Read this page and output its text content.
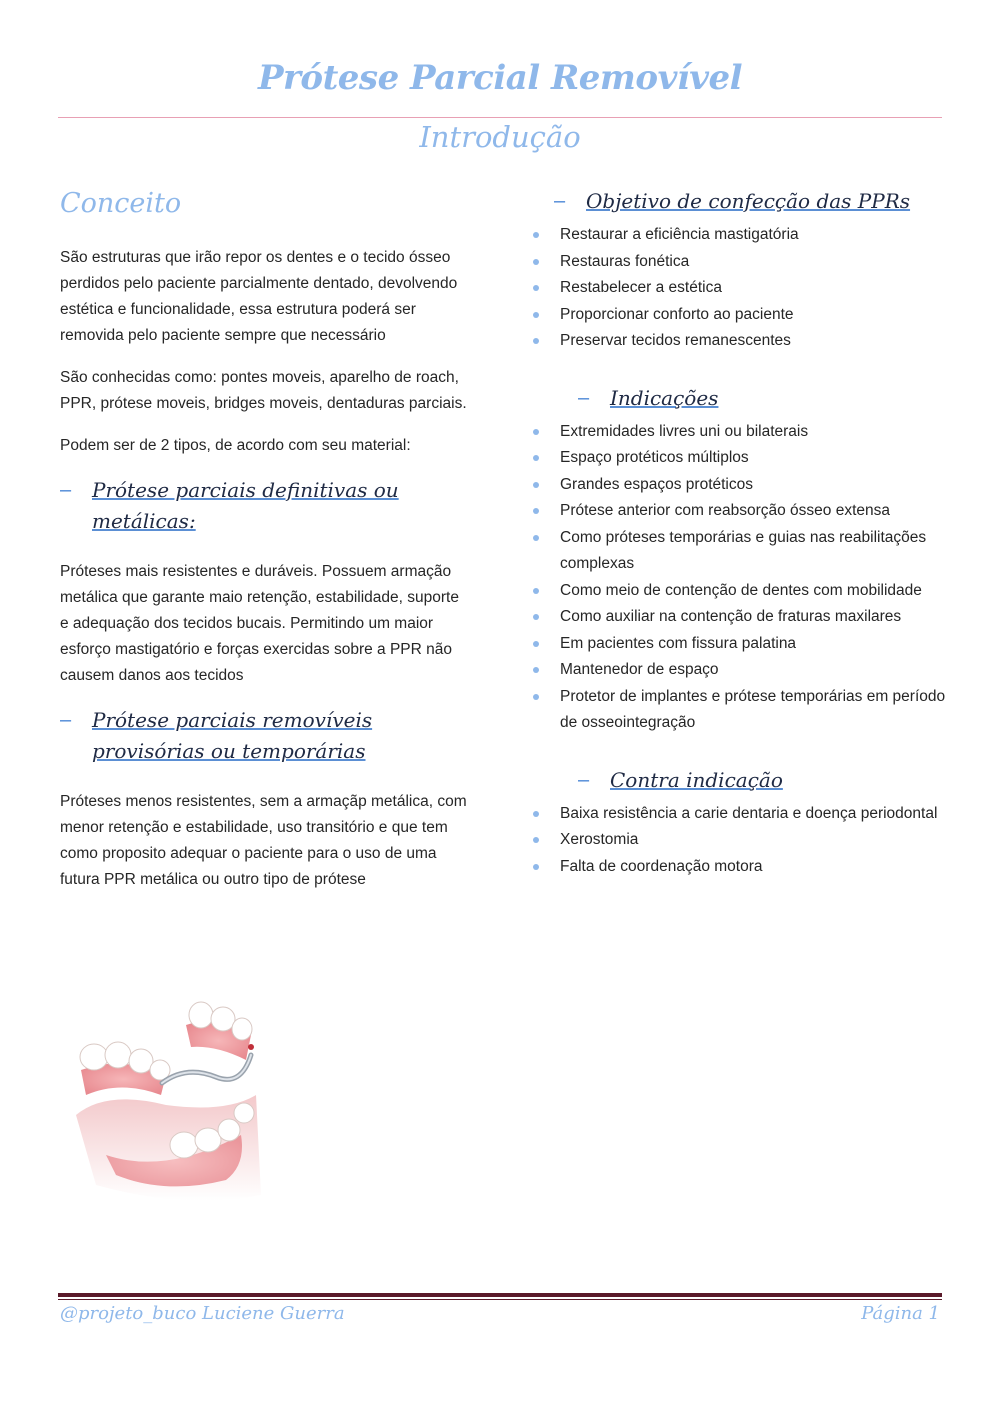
Prótese Parcial Removível
Introdução
Conceito

São estruturas que irão repor os dentes e o tecido ósseo perdidos pelo paciente parcialmente dentado, devolvendo estética e funcionalidade, essa estrutura poderá ser removida pelo paciente sempre que necessário

São conhecidas como: pontes moveis, aparelho de roach, PPR, prótese moveis, bridges moveis, dentaduras parciais.

Podem ser de 2 tipos, de acordo com seu material:

–	Prótese parciais definitivas ou metálicas:

Próteses mais resistentes e duráveis. Possuem armação metálica que garante maio retenção, estabilidade, suporte e adequação dos tecidos bucais. Permitindo um maior esforço mastigatório e forças exercidas sobre a PPR não causem danos aos tecidos

–	Prótese parciais removíveis provisórias ou temporárias

Próteses menos resistentes, sem a armaçãp metálica, com menor retenção e estabilidade, uso transitório e que tem como proposito adequar o paciente para o uso de uma futura PPR metálica ou outro tipo de prótese

–	Objetivo de confecção das PPRs
Restaurar a eficiência mastigatória
Restauras fonética
Restabelecer a estética
Proporcionar conforto ao paciente
Preservar tecidos remanescentes
–	Indicações
Extremidades livres uni ou bilaterais
Espaço protéticos múltiplos
Grandes espaços protéticos
Prótese anterior com reabsorção ósseo extensa
Como próteses temporárias e guias nas reabilitações complexas
Como meio de contenção de dentes com mobilidade
Como auxiliar na contenção de fraturas maxilares
Em pacientes com fissura palatina
Mantenedor de espaço
Protetor de implantes e prótese temporárias em período de osseointegração
–	Contra indicação
Baixa resistência a carie dentaria e doença periodontal
Xerostomia
Falta de coordenação motora
@projeto_buco Luciene Guerra	Página 1
